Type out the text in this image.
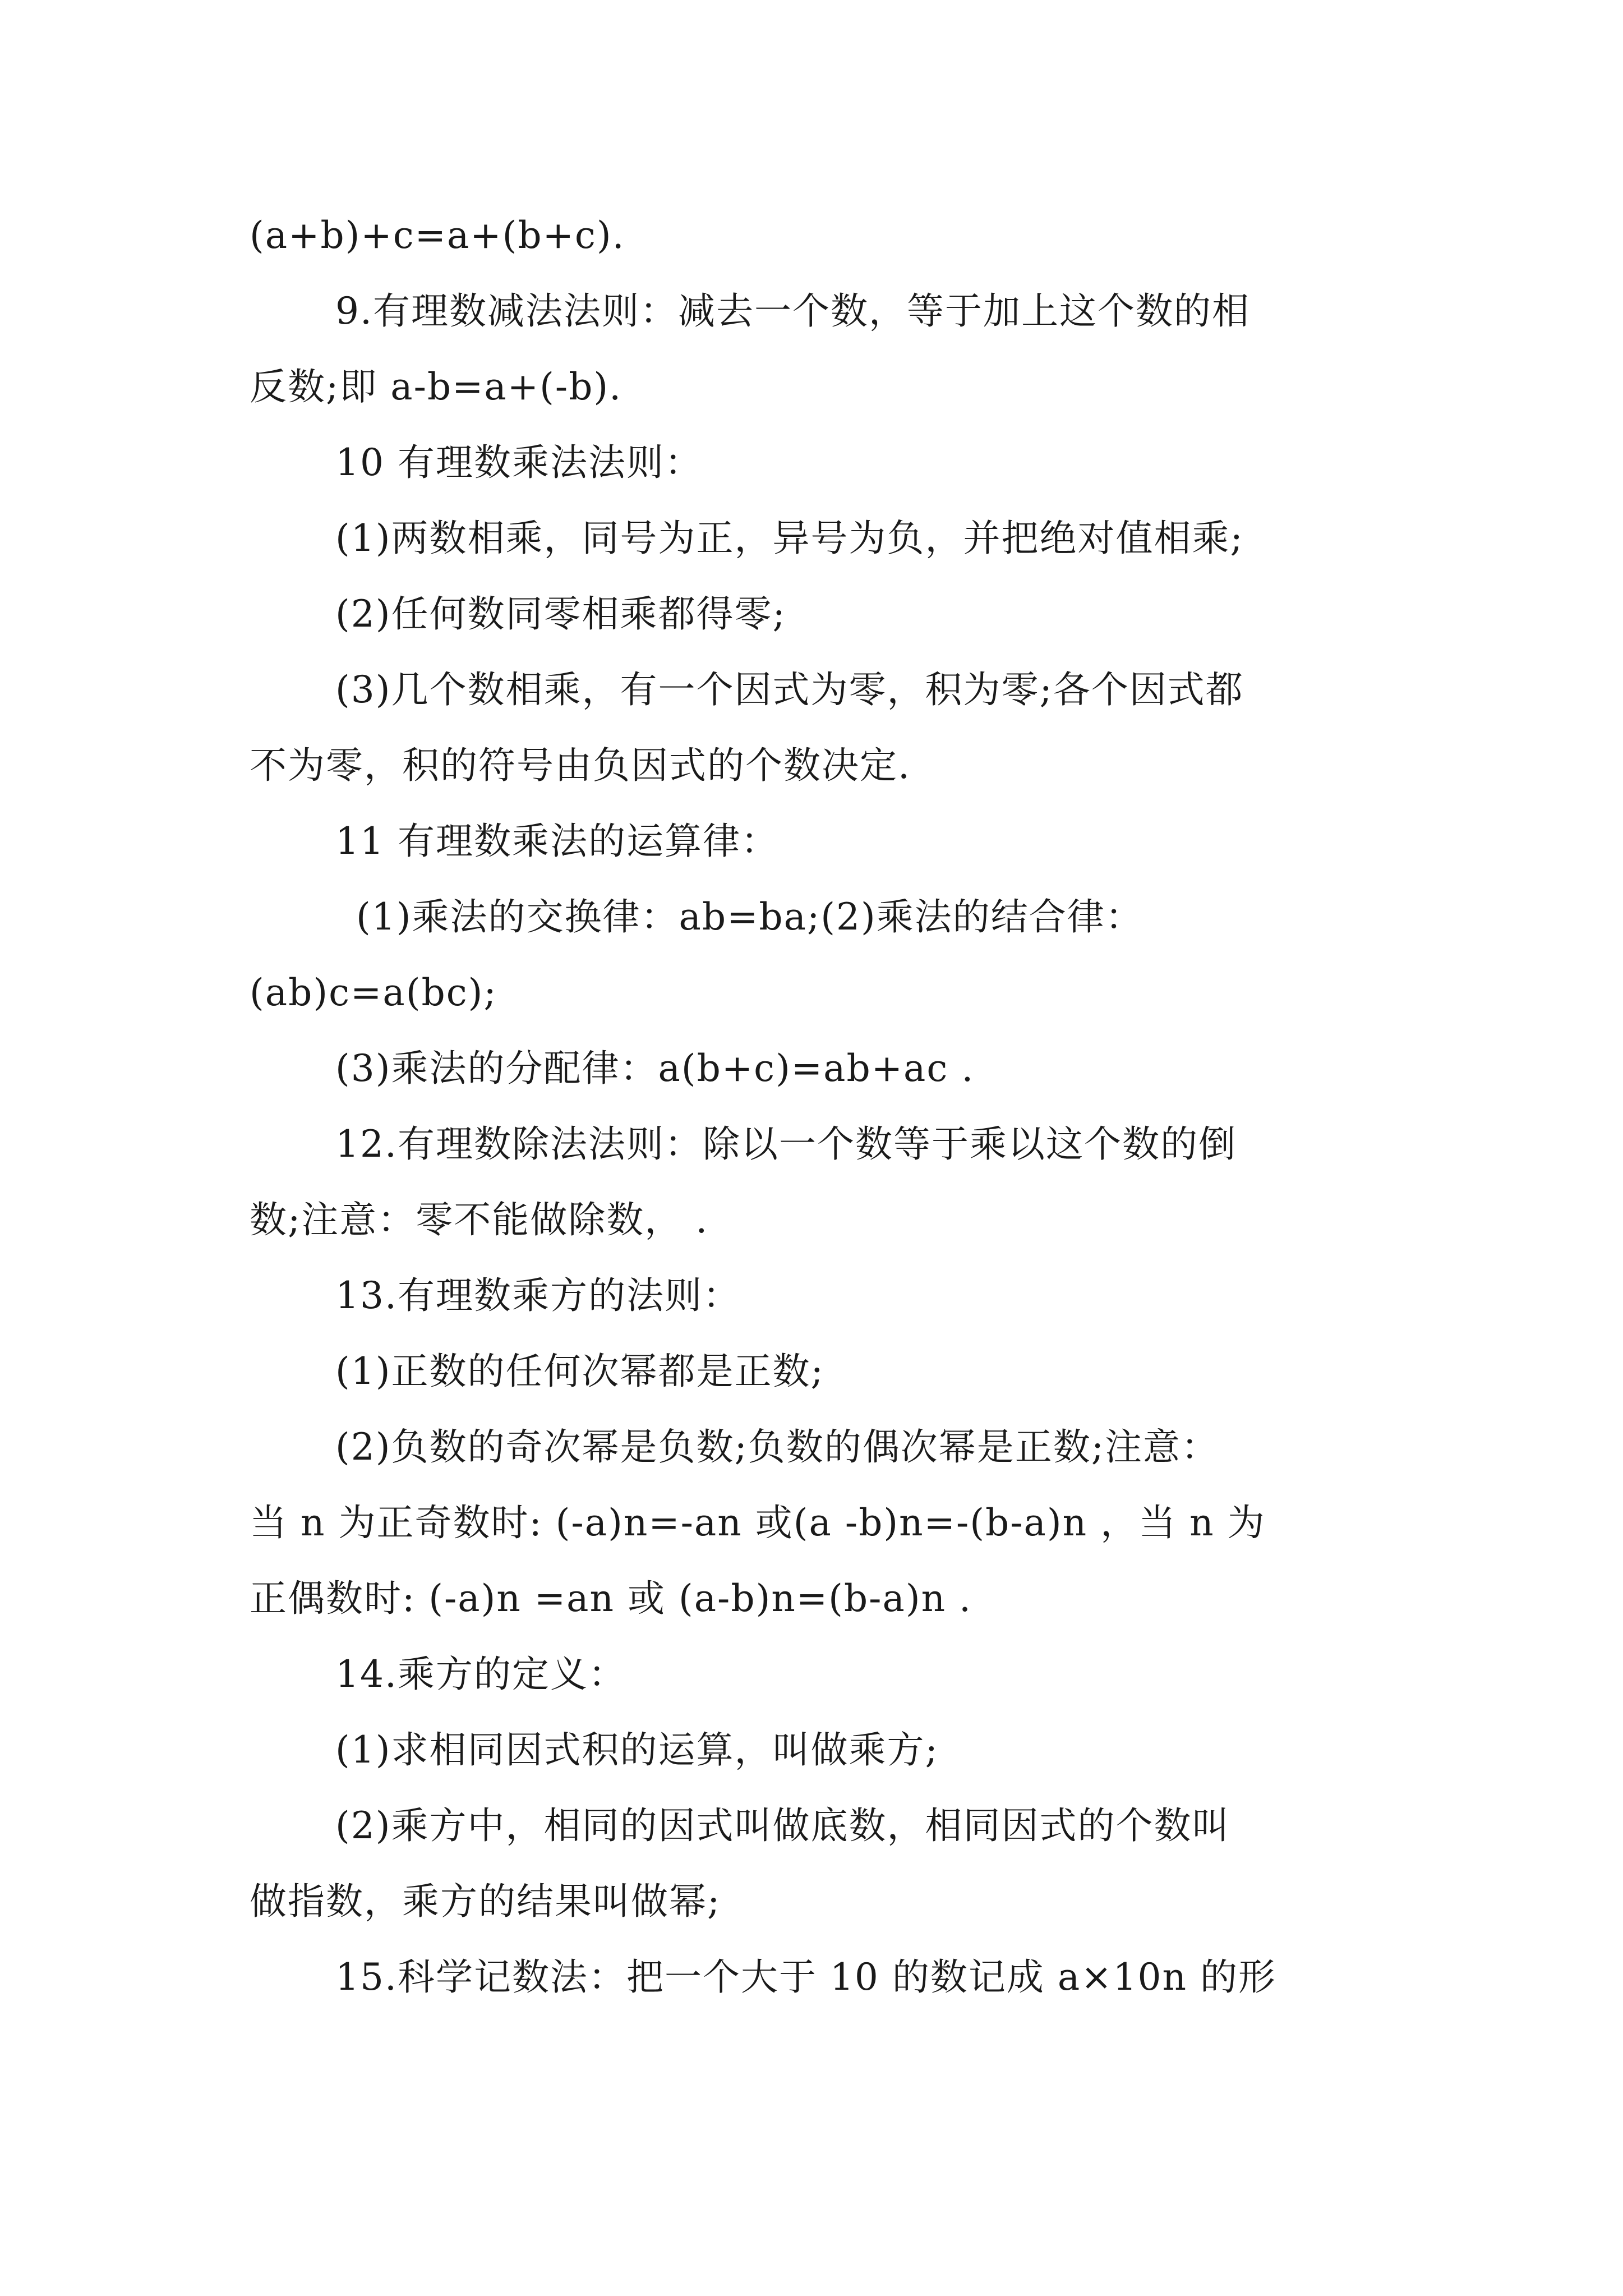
(a+b)+c=a+(b+c).
9.有理数减法法则：减去一个数，等于加上这个数的相
反数;即 a-b=a+(-b).
10 有理数乘法法则：
(1)两数相乘，同号为正，异号为负，并把绝对值相乘;
(2)任何数同零相乘都得零;
(3)几个数相乘，有一个因式为零，积为零;各个因式都
不为零，积的符号由负因式的个数决定.
11 有理数乘法的运算律：
(1)乘法的交换律：ab=ba;(2)乘法的结合律：
(ab)c=a(bc);
(3)乘法的分配律：a(b+c)=ab+ac .
12.有理数除法法则：除以一个数等于乘以这个数的倒
数;注意：零不能做除数， .
13.有理数乘方的法则：
(1)正数的任何次幂都是正数;
(2)负数的奇次幂是负数;负数的偶次幂是正数;注意：
当 n 为正奇数时: (-a)n=-an 或(a -b)n=-(b-a)n ，当 n 为
正偶数时: (-a)n =an 或 (a-b)n=(b-a)n .
14.乘方的定义：
(1)求相同因式积的运算，叫做乘方;
(2)乘方中，相同的因式叫做底数，相同因式的个数叫
做指数，乘方的结果叫做幂;
15.科学记数法：把一个大于 10 的数记成 a×10n 的形
